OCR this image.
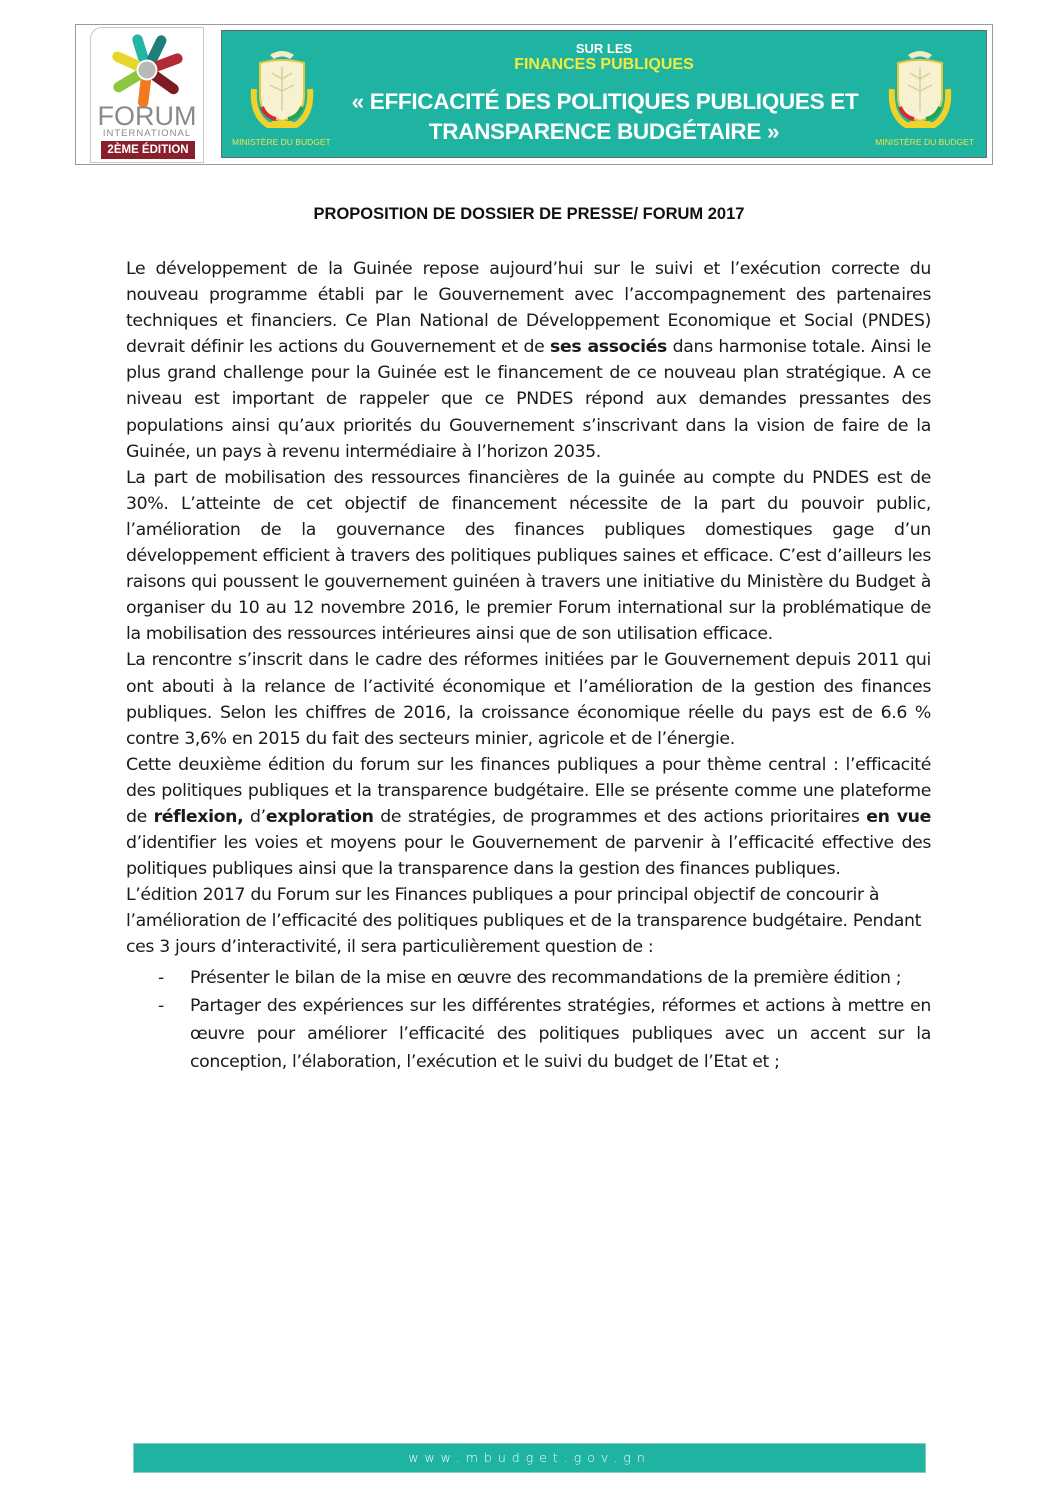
FORUM
INTERNATIONAL
2ÈME ÉDITION
MINISTÈRE DU BUDGET
SUR LES
FINANCES PUBLIQUES
« EFFICACITÉ DES POLITIQUES PUBLIQUES ET
TRANSPARENCE BUDGÉTAIRE »	MINISTÈRE DU BUDGET
PROPOSITION DE DOSSIER DE PRESSE/ FORUM 2017

Le développement de la Guinée repose aujourd’hui sur le suivi et l’exécution correcte du nouveau programme établi par le Gouvernement avec l’accompagnement des partenaires techniques et financiers. Ce Plan National de Développement Economique et Social (PNDES) devrait définir les actions du Gouvernement et de ses associés dans harmonise totale. Ainsi le plus grand challenge pour la Guinée est le financement de ce nouveau plan stratégique. A ce niveau est important de rappeler que ce PNDES répond aux demandes pressantes des populations ainsi qu’aux priorités du Gouvernement s’inscrivant dans la vision de faire de la Guinée, un pays à revenu intermédiaire à l’horizon 2035.

La part de mobilisation des ressources financières de la guinée au compte du PNDES est de 30%. L’atteinte de cet objectif de financement nécessite de la part du pouvoir public, l’amélioration de la gouvernance des finances publiques domestiques gage d’un développement efficient à travers des politiques publiques saines et efficace. C’est d’ailleurs les raisons qui poussent le gouvernement guinéen à travers une initiative du Ministère du Budget à organiser du 10 au 12 novembre 2016, le premier Forum international sur la problématique de la mobilisation des ressources intérieures ainsi que de son utilisation efficace.

La rencontre s’inscrit dans le cadre des réformes initiées par le Gouvernement depuis 2011 qui ont abouti à la relance de l’activité économique et l’amélioration de la gestion des finances publiques. Selon les chiffres de 2016, la croissance économique réelle du pays est de 6.6 % contre 3,6% en 2015 du fait des secteurs minier, agricole et de l’énergie.

Cette deuxième édition du forum sur les finances publiques a pour thème central : l’efficacité des politiques publiques et la transparence budgétaire. Elle se présente comme une plateforme de réflexion, d’exploration de stratégies, de programmes et des actions prioritaires en vue d’identifier les voies et moyens pour le Gouvernement de parvenir à l’efficacité effective des politiques publiques ainsi que la transparence dans la gestion des finances publiques.

L’édition 2017 du Forum sur les Finances publiques a pour principal objectif de concourir à l’amélioration de l’efficacité des politiques publiques et de la transparence budgétaire. Pendant ces 3 jours d’interactivité, il sera particulièrement question de :

- Présenter le bilan de la mise en œuvre des recommandations de la première édition ;
- Partager des expériences sur les différentes stratégies, réformes et actions à mettre en œuvre pour améliorer l’efficacité des politiques publiques avec un accent sur la conception, l’élaboration, l’exécution et le suivi du budget de l’Etat et ;
www.mbudget.gov.gn
